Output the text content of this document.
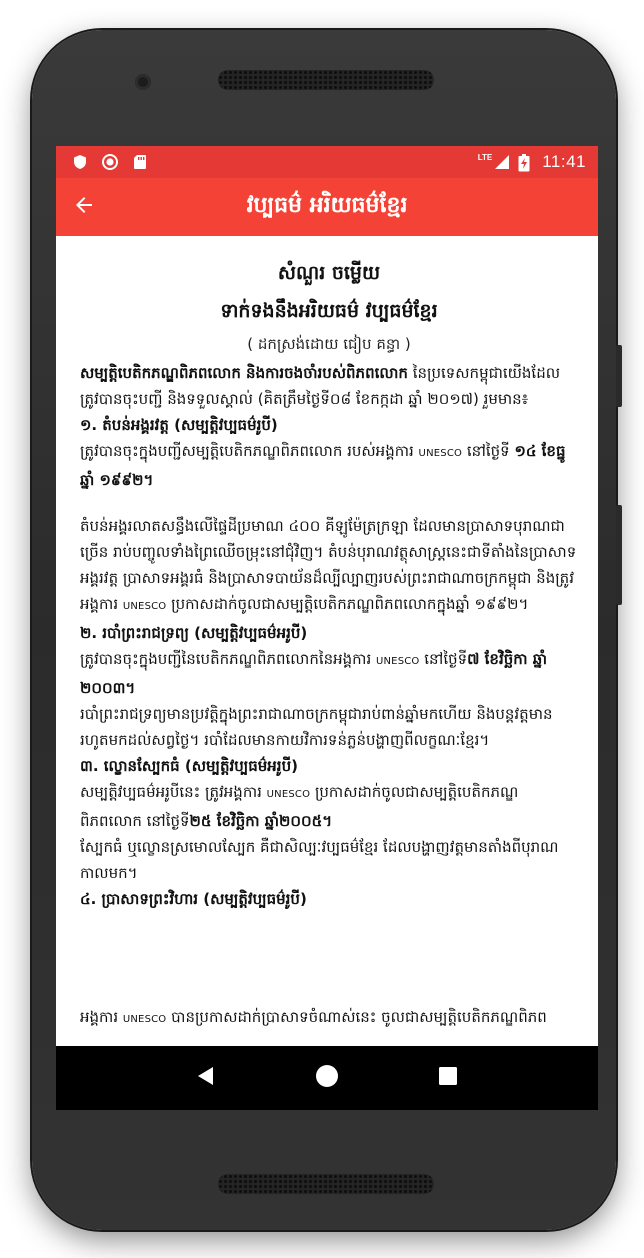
LTE	11:41
វប្បធម៌ អរិយធម៌ខ្មែរ
សំណួរ ចម្លើយ
ទាក់ទងនឹងអរិយធម៌ វប្បធម៌ខ្មែរ
( ដកស្រង់ដោយ ជៀប គន្ធា )
សម្បត្តិបេតិកភណ្ឌពិភពលោក និងការចងចាំរបស់ពិភពលោក នៃប្រទេសកម្ពុជាយើងដែលត្រូវបានចុះបញ្ជី និងទទួលស្គាល់ (គិតត្រឹមថ្ងៃទី០៨ ខែកក្កដា ឆ្នាំ ២០១៧) រួមមាន៖
១. តំបន់អង្គរវត្ត (សម្បត្តិវប្បធម៌រូបី)
ត្រូវបានចុះក្នុងបញ្ជីសម្បត្តិបេតិកភណ្ឌពិភពលោក របស់អង្គការ UNESCO នៅថ្ងៃទី ១៤ ខែធ្នូ ឆ្នាំ ១៩៩២។
តំបន់អង្គរលាតសន្ធឹងលើផ្ទៃដីប្រមាណ ៤០០ គីឡូម៉ែត្រក្រឡា ដែលមានប្រាសាទបុរាណជាច្រើន រាប់បញ្ចូលទាំងព្រៃឈើចម្រុះនៅជុំវិញ។ តំបន់បុរាណវត្ថុសាស្ត្រនេះជាទីតាំងនៃប្រាសាទអង្គរវត្ត ប្រាសាទអង្គរធំ និងប្រាសាទបាយ័នដ៏ល្បីល្បាញរបស់ព្រះរាជាណាចក្រកម្ពុជា និងត្រូវអង្គការ UNESCO ប្រកាសដាក់ចូលជាសម្បត្តិបេតិកភណ្ឌពិភពលោកក្នុងឆ្នាំ ១៩៩២។
២. របាំព្រះរាជទ្រព្យ (សម្បត្តិវប្បធម៌អរូបី)
ត្រូវបានចុះក្នុងបញ្ជីនៃបេតិកភណ្ឌពិភពលោកនៃអង្គការ UNESCO នៅថ្ងៃទី៧ ខែវិច្ឆិកា ឆ្នាំ ២០០៣។
របាំព្រះរាជទ្រព្យមានប្រវត្តិក្នុងព្រះរាជាណាចក្រកម្ពុជារាប់ពាន់ឆ្នាំមកហើយ និងបន្តវត្តមានរហូតមកដល់សព្វថ្ងៃ។ របាំដែលមានកាយវិការទន់ភ្លន់បង្ហាញពីលក្ខណៈខ្មែរ។
៣. ល្ខោនស្បែកធំ (សម្បត្តិវប្បធម៌អរូបី)
សម្បត្តិវប្បធម៌អរូបីនេះ ត្រូវអង្គការ UNESCO ប្រកាសដាក់ចូលជាសម្បត្តិបេតិកភណ្ឌពិភពលោក នៅថ្ងៃទី២៥ ខែវិច្ឆិកា ឆ្នាំ២០០៥។
ស្បែកធំ ឬល្ខោនស្រមោលស្បែក គឺជាសិល្បៈវប្បធម៌ខ្មែរ ដែលបង្ហាញវត្តមានតាំងពីបុរាណកាលមក។
៤. ប្រាសាទព្រះវិហារ (សម្បត្តិវប្បធម៌រូបី)
អង្គការ UNESCO បានប្រកាសដាក់ប្រាសាទចំណាស់នេះ ចូលជាសម្បត្តិបេតិកភណ្ឌពិភព
